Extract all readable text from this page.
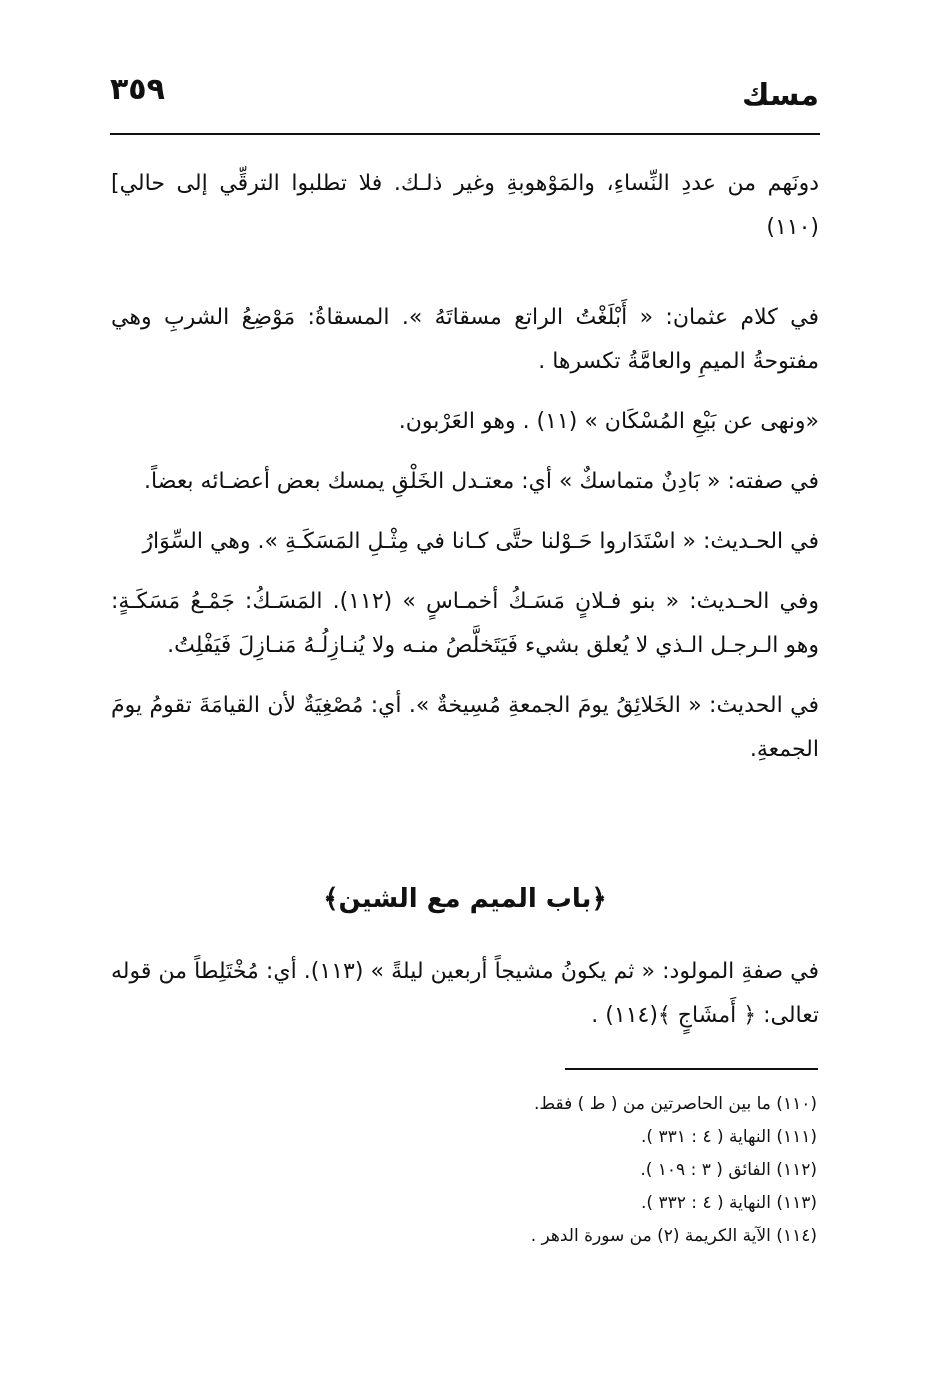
مسك
٣٥٩

دونَهم من عددِ النِّساءِ، والمَوْهوبةِ وغير ذلـك. فلا تطلبوا الترقِّي إلى حالي] (١١٠)

في كلام عثمان: « أَبْلَغْتُ الراتع مسقاتَهُ ». المسقاةُ: مَوْضِعُ الشربِ وهي مفتوحةُ الميمِ والعامَّةُ تكسرها .

«ونهى عن بَيْعِ المُسْكَان » (١١) . وهو العَرْبون.

في صفته: « بَادِنٌ متماسكٌ » أي: معتـدل الخَلْقِ يمسك بعض أعضـائه بعضاً.

في الحـديث: « اسْتَدَاروا حَـوْلنا حتَّى كـانا في مِثْـلِ المَسَكَـةِ ». وهي السِّوَارُ

وفي الحـديث: « بنو فـلانٍ مَسَـكُ أخمـاسٍ » (١١٢). المَسَـكُ: جَمْـعُ مَسَكَـةٍ: وهو الـرجـل الـذي لا يُعلق بشيء فَيَتَخلَّصُ منـه ولا يُنـازِلُـهُ مَنـازِلَ فَيَفْلِتُ.

في الحديث: « الخَلائِقُ يومَ الجمعةِ مُسِيخةٌ ». أي: مُصْغِيَةٌ لأن القيامَةَ تقومُ يومَ الجمعةِ.

﴿باب الميم مع الشين﴾

في صفةِ المولود: « ثم يكونُ مشيجاً أربعين ليلةً » (١١٣). أي: مُخْتَلِطاً من قوله تعالى: ﴿ أَمشَاجٍ ﴾(١١٤) .

(١١٠) ما بين الحاصرتين من ( ط ) فقط.

(١١١) النهاية ( ٤ : ٣٣١ ).

(١١٢) الفائق ( ٣ : ١٠٩ ).

(١١٣) النهاية ( ٤ : ٣٣٢ ).

(١١٤) الآية الكريمة (٢) من سورة الدهر .
